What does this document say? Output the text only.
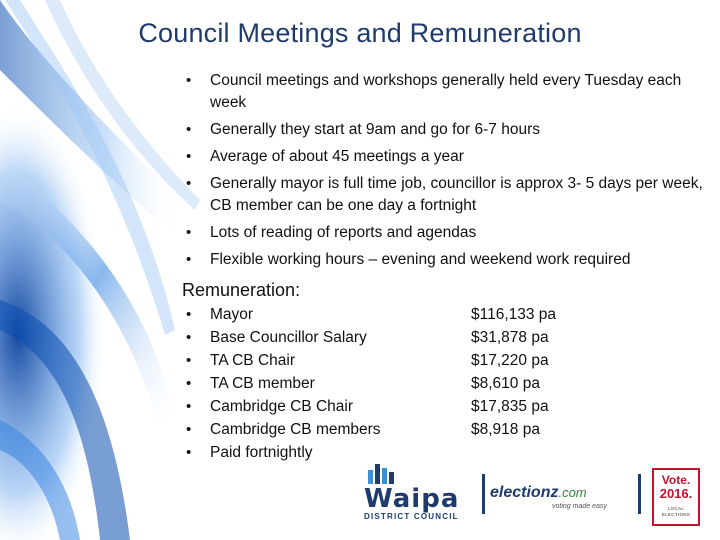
Council Meetings and Remuneration
• Council meetings and workshops generally held every Tuesday each week
• Generally they start at 9am and go for 6-7 hours
• Average of about 45 meetings a year
• Generally mayor is full time job, councillor is approx 3- 5 days per week, CB member can be one day a fortnight
• Lots of reading of reports and agendas
• Flexible working hours – evening and weekend work required
Remuneration:
• Mayor	$116,133 pa
• Base Councillor Salary	$31,878 pa
• TA CB Chair	$17,220 pa
• TA CB member	$8,610 pa
• Cambridge CB Chair	$17,835 pa
• Cambridge CB members	$8,918 pa
• Paid fortnightly
Waipa
DISTRICT COUNCIL
electionz.com
voting made easy
Vote.
2016.
LOCAL ELECTIONS
